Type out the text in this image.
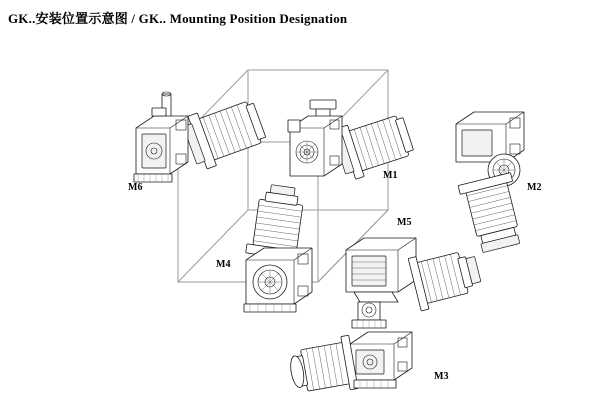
GK..安装位置示意图 / GK.. Mounting Position Designation
M6
M1
M2
M5
M4
M3
